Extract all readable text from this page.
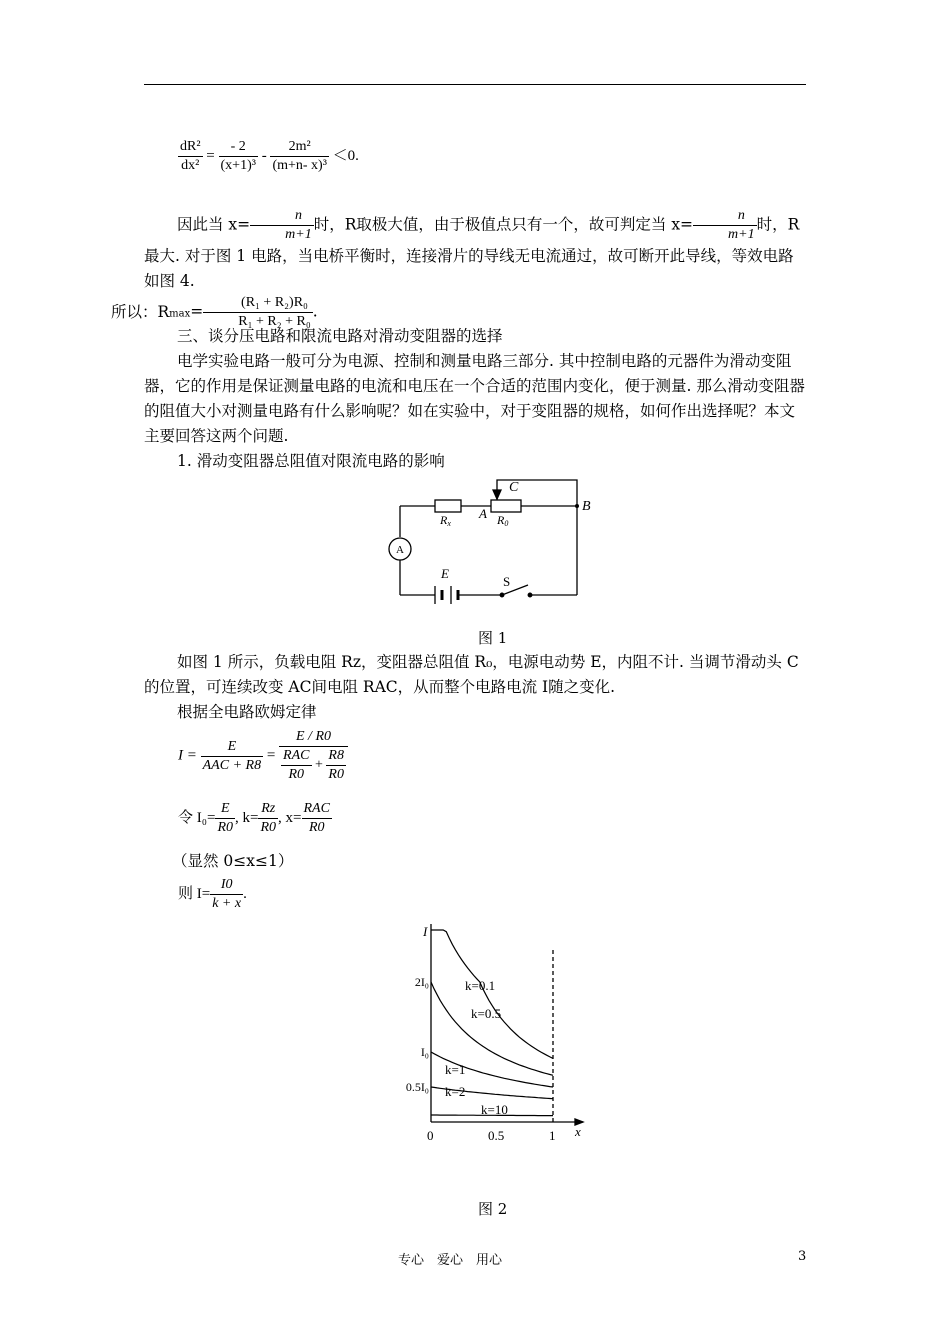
$\frac{\text{dR²}}{\text{dx²}} = \frac{- 2}{\text{(x+1)³}} - \frac{\text{2m²}}{\text{(m+n- x)³}} <0$.
因此当 $x= \frac{n}{m+1}$ 时，R取极大值，由于极值点只有一个，故可判定当 $x= \frac{n}{m+1}$ 时，R最大. 对于图 1 电路，当电桥平衡时，连接滑片的导线无电流通过，故可断开此导线，等效电路如图 4.
所以：$Rmax= \frac{\text{(R₁ + R₂)R₀}}{\text{R₁ + R₂ + R₀}}$ .
三、谈分压电路和限流电路对滑动变阻器的选择
电学实验电路一般可分为电源、控制和测量电路三部分. 其中控制电路的元器件为滑动变阻器，它的作用是保证测量电路的电流和电压在一个合适的范围内变化，便于测量. 那么滑动变阻器的阻值大小对测量电路有什么影响呢？如在实验中，对于变阻器的规格，如何作出选择呢？本文主要回答这两个问题.
1. 滑动变阻器总阻值对限流电路的影响
Rx
A R0
C
B
A
E
S
图 1
如图 1 所示，负载电阻 Rz，变阻器总阻值 R₀，电源电动势 E，内阻不计. 当调节滑动头 C的位置，可连续改变 AC间电阻 RAC，从而整个电路电流 I随之变化.
根据全电路欧姆定律
$I = \frac{E}{\text{AAC + R8}} = \frac{E / R0}{\frac{\text{RAC}}{R0} + \frac{R8}{R0}}$
令 $I_0= \frac{E}{R0}$ , $k= \frac{Rz}{R0}$ , $x= \frac{\text{RAC}}{R0}$
（显然 0≤x≤1）
则 $I= \frac{I0}{k + x}$ .
k=0.1
k=0.5
k=1
k=2
k=10
0	0.5	1
0.5I₀
I₀
2I₀
x
I
图 2
专心　爱心　用心	3
